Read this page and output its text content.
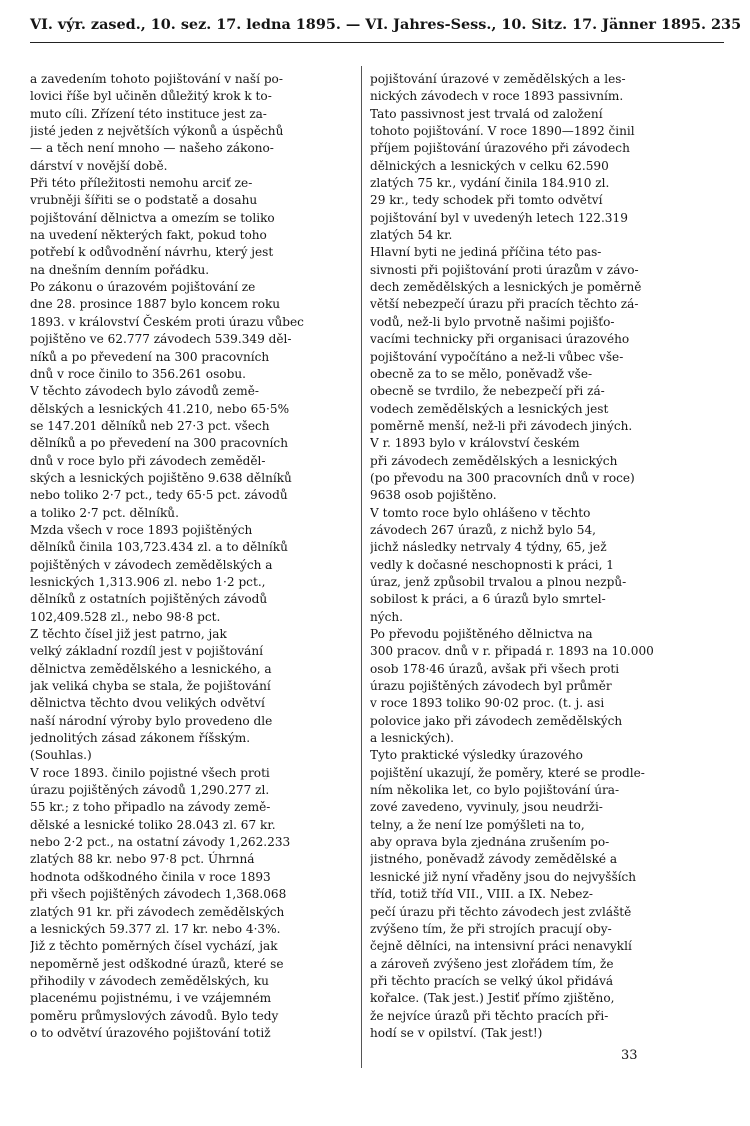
VI. výr. zased., 10. sez. 17. ledna 1895. — VI. Jahres-Sess., 10. Sitz. 17. Jänner 1895. 235
a zavedením tohoto pojištování v naší po-
lovici říše byl učiněn důležitý krok k to-
muto cíli. Zřízení této instituce jest za-
jisté jeden z největších výkonů a úspěchů
— a těch není mnoho — našeho zákono-
dárství v novější době.
Při této příležitosti nemohu arciť ze-
vrubněji šířiti se o podstatě a dosahu
pojištování dělnictva a omezím se toliko
na uvedení některých fakt, pokud toho
potřebí k odůvodnění návrhu, který jest
na dnešním denním pořádku.
Po zákonu o úrazovém pojištování ze
dne 28. prosince 1887 bylo koncem roku
1893. v království Českém proti úrazu vůbec
pojištěno ve 62.777 závodech 539.349 děl-
níků a po převedení na 300 pracovních
dnů v roce činilo to 356.261 osobu.
V těchto závodech bylo závodů země-
dělských a lesnických 41.210, nebo 65·5%
se 147.201 dělníků neb 27·3 pct. všech
dělníků a po převedení na 300 pracovních
dnů v roce bylo při závodech zeměděl-
ských a lesnických pojištěno 9.638 dělníků
nebo toliko 2·7 pct., tedy 65·5 pct. závodů
a toliko 2·7 pct. dělníků.
Mzda všech v roce 1893 pojištěných
dělníků činila 103,723.434 zl. a to dělníků
pojištěných v závodech zemědělských a
lesnických 1,313.906 zl. nebo 1·2 pct.,
dělníků z ostatních pojištěných závodů
102,409.528 zl., nebo 98·8 pct.
Z těchto čísel již jest patrno, jak
velký základní rozdíl jest v pojištování
dělnictva zemědělského a lesnického, a
jak veliká chyba se stala, že pojištování
dělnictva těchto dvou velikých odvětví
naší národní výroby bylo provedeno dle
jednolitých zásad zákonem říšským.
(Souhlas.)
V roce 1893. činilo pojistné všech proti
úrazu pojištěných závodů 1,290.277 zl.
55 kr.; z toho připadlo na závody země-
dělské a lesnické toliko 28.043 zl. 67 kr.
nebo 2·2 pct., na ostatní závody 1,262.233
zlatých 88 kr. nebo 97·8 pct. Úhrnná
hodnota odškodného činila v roce 1893
při všech pojištěných závodech 1,368.068
zlatých 91 kr. při závodech zemědělských
a lesnických 59.377 zl. 17 kr. nebo 4·3%.
Již z těchto poměrných čísel vychází, jak
nepoměrně jest odškodné úrazů, které se
přihodily v závodech zemědělských, ku
placenému pojistnému, i ve vzájemném
poměru průmyslových závodů. Bylo tedy
o to odvětví úrazového pojištování totiž
pojištování úrazové v zemědělských a les-
nických závodech v roce 1893 passivním.
Tato passivnost jest trvalá od založení
tohoto pojištování. V roce 1890—1892 činil
příjem pojištování úrazového při závodech
dělnických a lesnických v celku 62.590
zlatých 75 kr., vydání činila 184.910 zl.
29 kr., tedy schodek při tomto odvětví
pojištování byl v uvedenýh letech 122.319
zlatých 54 kr.
Hlavní byti ne jediná příčina této pas-
sivnosti při pojištování proti úrazům v závo-
dech zemědělských a lesnických je poměrně
větší nebezpečí úrazu při pracích těchto zá-
vodů, než-li bylo prvotně našimi pojišťo-
vacími technicky při organisaci úrazového
pojištování vypočítáno a než-li vůbec vše-
obecně za to se mělo, poněvadž vše-
obecně se tvrdilo, že nebezpečí při zá-
vodech zemědělských a lesnických jest
poměrně menší, než-li při závodech jiných.
V r. 1893 bylo v království českém
při závodech zemědělských a lesnických
(po převodu na 300 pracovních dnů v roce)
9638 osob pojištěno.
V tomto roce bylo ohlášeno v těchto
závodech 267 úrazů, z nichž bylo 54,
jichž následky netrvaly 4 týdny, 65, jež
vedly k dočasné neschopnosti k práci, 1
úraz, jenž způsobil trvalou a plnou nezpů-
sobilost k práci, a 6 úrazů bylo smrtel-
ných.
Po převodu pojištěného dělnictva na
300 pracov. dnů v r. připadá r. 1893 na 10.000
osob 178·46 úrazů, avšak při všech proti
úrazu pojištěných závodech byl průměr
v roce 1893 toliko 90·02 proc. (t. j. asi
polovice jako při závodech zemědělských
a lesnických).
Tyto praktické výsledky úrazového
pojištění ukazují, že poměry, které se prodle-
ním několika let, co bylo pojištování úra-
zové zavedeno, vyvinuly, jsou neudrži-
telny, a že není lze pomýšleti na to,
aby oprava byla zjednána zrušením po-
jistného, poněvadž závody zemědělské a
lesnické již nyní vřaděny jsou do nejvyšších
tříd, totiž tříd VII., VIII. a IX. Nebez-
pečí úrazu při těchto závodech jest zvláště
zvýšeno tím, že při strojích pracují oby-
čejně dělníci, na intensivní práci nenavyklí
a zároveň zvýšeno jest zlořádem tím, že
při těchto pracích se velký úkol přidává
kořalce. (Tak jest.) Jestiť přímo zjištěno,
že nejvíce úrazů při těchto pracích při-
hodí se v opilství. (Tak jest!)
33
